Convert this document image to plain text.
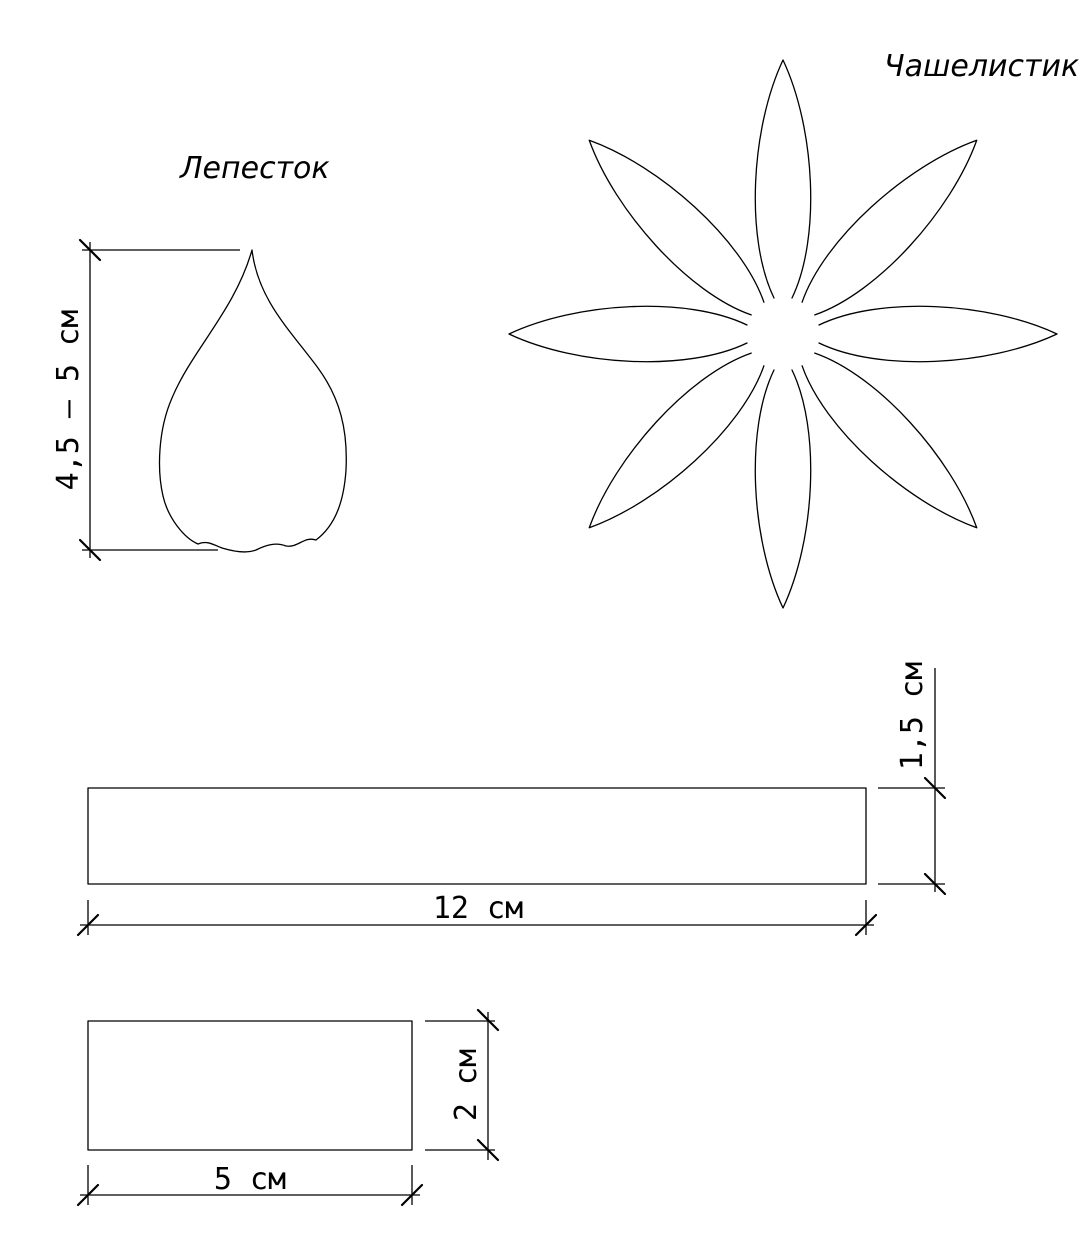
Лепесток
4,5 – 5 см
Чашелистик
12 см
1,5 см
5 см
2 см
